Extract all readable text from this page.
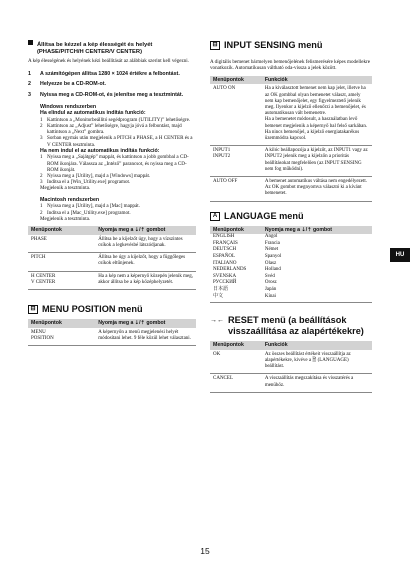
Állítsa be kézzel a kép élességét és helyét
(PHASE/PITCH/H CENTER/V CENTER)

A kép élességének és helyének kézi beállítását az alábbiak szerint kell végezni.

1	A számítógépen állítsa 1280 × 1024 értékre a felbontást.
2	Helyezze be a CD-ROM-ot.
3	Nyissa meg a CD-ROM-ot, és jelenítse meg a tesztmintát.
Windows rendszerben
Ha elindul az automatikus indítás funkció:
1 Kattintson a „Monitorbeállító segédprogram (UTILITY)” lehetőségre.
2 Kattintson az „Adjust” lehetőségre, hagyja jóvá a felbontást, majd kattintson a „Next” gombra.
3 Sorban egymás után megjelenik a PITCH a PHASE, a H CENTER és a V CENTER tesztminta.
Ha nem indul el az automatikus indítás funkció:
1 Nyissa meg a „Sajátgép” mappát, és kattintson a jobb gombbal a CD-ROM ikonjára. Válassza az „Intéző” parancsot, és nyissa meg a CD-ROM ikonját.
2 Nyissa meg a [Utility], majd a [Windows] mappát.
3 Indítsa el a [Win_Utility.exe] programot.

Megjelenik a tesztminta.

Macintosh rendszerben
1 Nyissa meg a [Utility], majd a [Mac] mappát.
2 Indítsa el a [Mac_Utility.exe] programot.

Megjelenik a tesztminta.

Menüpontok	Nyomja meg a ⇣/⇡ gombot
PHASE	Állítsa be a kijelzőt úgy, hogy a vízszintes csíkok a legkevésbé látszódjanak.
PITCH	Állítsa be úgy a kijelzőt, hogy a függőleges csíkok eltűnjenek.
H CENTER
V CENTER	Ha a kép nem a képernyő közepén jelenik meg, akkor állítsa be a kép középhelyzetét.
⊟ MENU POSITION menü
Menüpontok	Nyomja meg a ⇣/⇡ gombot
MENU
POSITION	A képernyőn a menü megjelenési helyét módosítani lehet. 9 féle közül lehet választani.
⊟ INPUT SENSING menü

A digitális bemenet bármelyen bemenőjelének felismerésére képes modellekre vonatkozik. Automatikusan váltható oda-vissza a jelek között.

Menüpontok	Funkciók
AUTO ON	Ha a kiválasztott bemenet nem kap jelet, illetve ha az OK gombbal olyan bemenetet választ, amely nem kap bemenőjelet, egy figyelmeztető jelenik meg. Ilyenkor a kijelző ellenőrzi a bemenőjelet, és automatikusan vált bemenetre.
Ha a bemenetet módosult, a használatban levő bemenet megjelenik a képernyő bal felső sarkában.
Ha nincs bemenőjel, a kijelző energiatakarékos üzemmódra kapcsol.
INPUT1
INPUT2	A kilóc beállapozója a kijelzőt, az INPUT1 vagy az INPUT2 jelenik meg a kijelzőn a prioritás beállításokat megfelelően (az INPUT SENSING nem fog működni).
AUTO OFF	A bemenet automatikus váltása nem engedélyezett. Az OK gombot megnyomva választó ki a kívánt bemenetet.
A LANGUAGE menü
Menüpontok	Nyomja meg a ⇣/⇡ gombot
ENGLISH	Angol
FRANÇAIS	Francia
DEUTSCH	Német
ESPAÑOL	Spanyol
ITALIANO	Olasz
NEDERLANDS	Holland
SVENSKA	Svéd
РУССКИЙ	Orosz
日本語	Japán
中文	Kínai
→← RESET menü (a beállítások
visszaállítása az alapértékekre)
Menüpontok	Funkciók
OK	Az összes beállítást értékeit visszaállítja az alapértékekre, kivéve a 🗎 (LANGUAGE) beállítást.
CANCEL	A visszaállítás megszakítása és visszatérés a menühöz.
HU
15
